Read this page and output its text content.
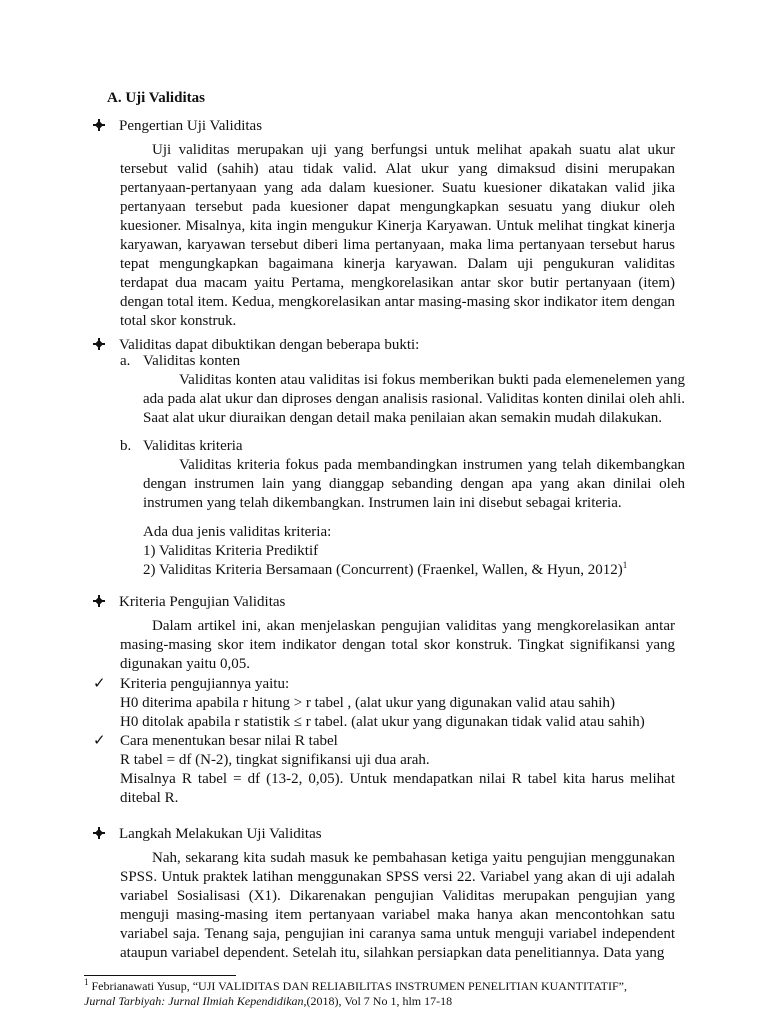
A. Uji Validitas
Pengertian Uji Validitas
Uji validitas merupakan uji yang berfungsi untuk melihat apakah suatu alat ukur tersebut valid (sahih) atau tidak valid. Alat ukur yang dimaksud disini merupakan pertanyaan-pertanyaan yang ada dalam kuesioner. Suatu kuesioner dikatakan valid jika pertanyaan tersebut pada kuesioner dapat mengungkapkan sesuatu yang diukur oleh kuesioner. Misalnya, kita ingin mengukur Kinerja Karyawan. Untuk melihat tingkat kinerja karyawan, karyawan tersebut diberi lima pertanyaan, maka lima pertanyaan tersebut harus tepat mengungkapkan bagaimana kinerja karyawan. Dalam uji pengukuran validitas terdapat dua macam yaitu Pertama, mengkorelasikan antar skor butir pertanyaan (item) dengan total item. Kedua, mengkorelasikan antar masing-masing skor indikator item dengan total skor konstruk.
Validitas dapat dibuktikan dengan beberapa bukti:
a. Validitas konten
Validitas konten atau validitas isi fokus memberikan bukti pada elemenelemen yang ada pada alat ukur dan diproses dengan analisis rasional. Validitas konten dinilai oleh ahli. Saat alat ukur diuraikan dengan detail maka penilaian akan semakin mudah dilakukan.
b. Validitas kriteria
Validitas kriteria fokus pada membandingkan instrumen yang telah dikembangkan dengan instrumen lain yang dianggap sebanding dengan apa yang akan dinilai oleh instrumen yang telah dikembangkan. Instrumen lain ini disebut sebagai kriteria.
Ada dua jenis validitas kriteria:
1) Validitas Kriteria Prediktif
2) Validitas Kriteria Bersamaan (Concurrent) (Fraenkel, Wallen, & Hyun, 2012)$^1$
Kriteria Pengujian Validitas
Dalam artikel ini, akan menjelaskan pengujian validitas yang mengkorelasikan antar masing-masing skor item indikator dengan total skor konstruk. Tingkat signifikansi yang digunakan yaitu 0,05.
✓ Kriteria pengujiannya yaitu:
H0 diterima apabila r hitung > r tabel , (alat ukur yang digunakan valid atau sahih)
H0 ditolak apabila r statistik ≤ r tabel. (alat ukur yang digunakan tidak valid atau sahih)
✓ Cara menentukan besar nilai R tabel
R tabel = df (N-2), tingkat signifikansi uji dua arah.
Misalnya R tabel = df (13-2, 0,05). Untuk mendapatkan nilai R tabel kita harus melihat ditebal R.
Langkah Melakukan Uji Validitas
Nah, sekarang kita sudah masuk ke pembahasan ketiga yaitu pengujian menggunakan SPSS. Untuk praktek latihan menggunakan SPSS versi 22. Variabel yang akan di uji adalah variabel Sosialisasi (X1). Dikarenakan pengujian Validitas merupakan pengujian yang menguji masing-masing item pertanyaan variabel maka hanya akan mencontohkan satu variabel saja. Tenang saja, pengujian ini caranya sama untuk menguji variabel independent ataupun variabel dependent. Setelah itu, silahkan persiapkan data penelitiannya. Data yang
$^1$ Febrianawati Yusup, “UJI VALIDITAS DAN RELIABILITAS INSTRUMEN PENELITIAN KUANTITATIF”,
Jurnal Tarbiyah: Jurnal Ilmiah Kependidikan,(2018), Vol 7 No 1, hlm 17-18
